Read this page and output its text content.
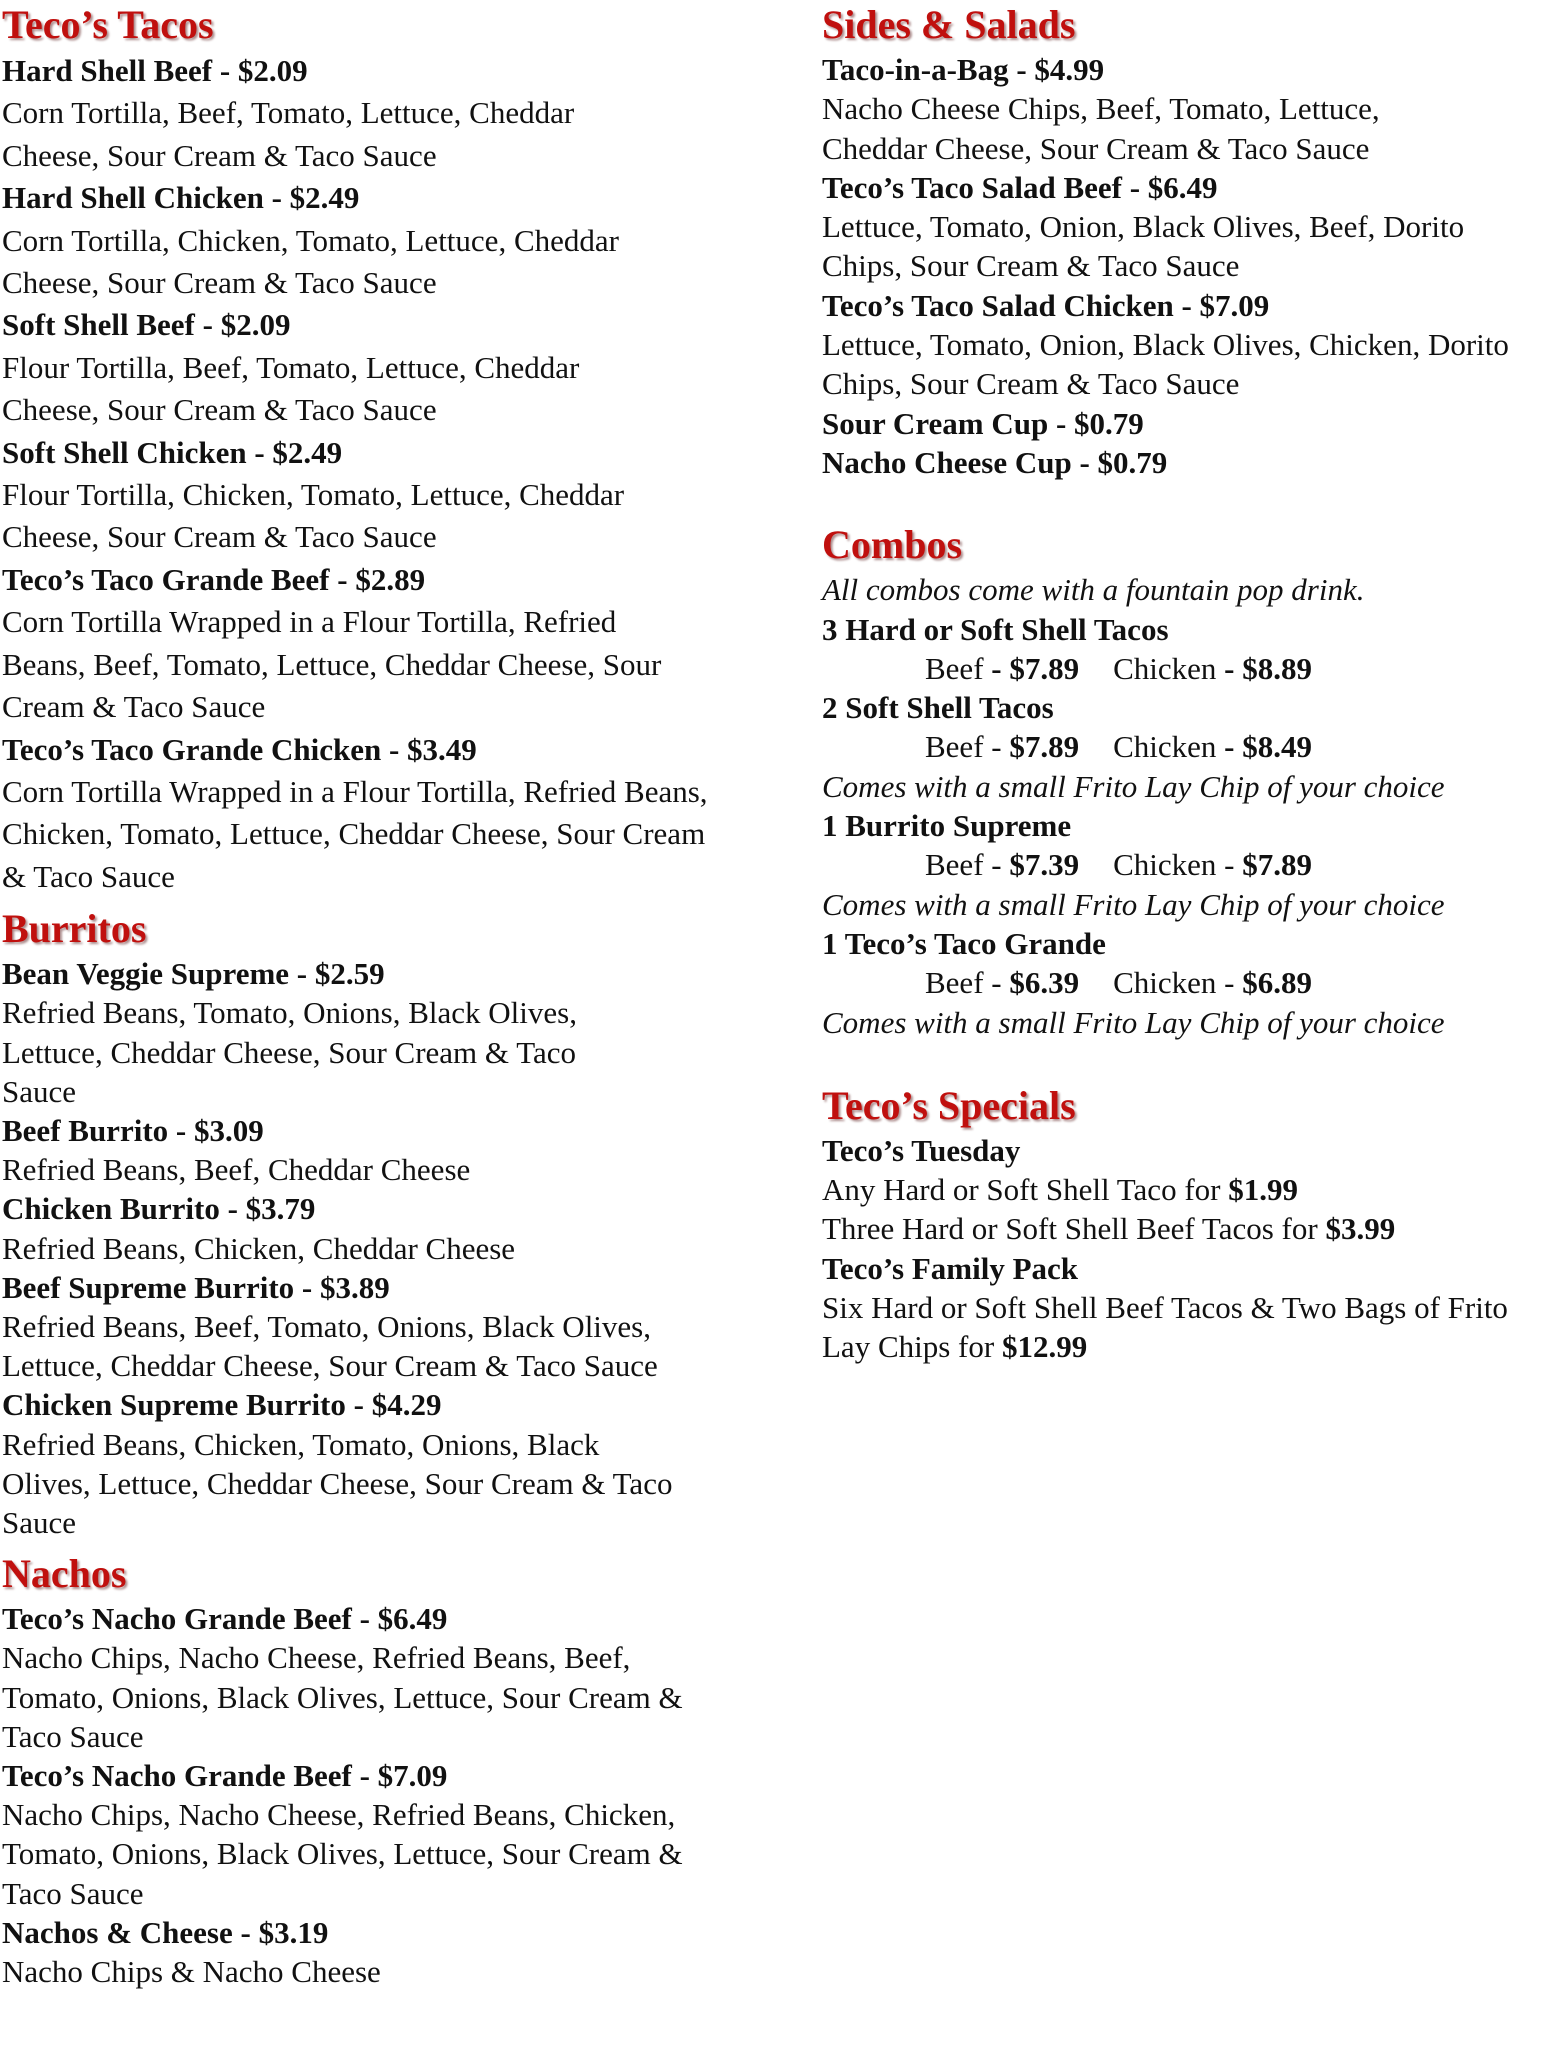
Teco’s Tacos

Hard Shell Beef - $2.09

Corn Tortilla, Beef, Tomato, Lettuce, Cheddar Cheese, Sour Cream & Taco Sauce

Hard Shell Chicken - $2.49

Corn Tortilla, Chicken, Tomato, Lettuce, Cheddar Cheese, Sour Cream & Taco Sauce

Soft Shell Beef - $2.09

Flour Tortilla, Beef, Tomato, Lettuce, Cheddar Cheese, Sour Cream & Taco Sauce

Soft Shell Chicken - $2.49

Flour Tortilla, Chicken, Tomato, Lettuce, Cheddar Cheese, Sour Cream & Taco Sauce

Teco’s Taco Grande Beef - $2.89

Corn Tortilla Wrapped in a Flour Tortilla, Refried Beans, Beef, Tomato, Lettuce, Cheddar Cheese, Sour Cream & Taco Sauce

Teco’s Taco Grande Chicken - $3.49

Corn Tortilla Wrapped in a Flour Tortilla, Refried Beans, Chicken, Tomato, Lettuce, Cheddar Cheese, Sour Cream & Taco Sauce

Burritos

Bean Veggie Supreme - $2.59

Refried Beans, Tomato, Onions, Black Olives, Lettuce, Cheddar Cheese, Sour Cream & Taco Sauce

Beef Burrito - $3.09

Refried Beans, Beef, Cheddar Cheese

Chicken Burrito - $3.79

Refried Beans, Chicken, Cheddar Cheese

Beef Supreme Burrito - $3.89

Refried Beans, Beef, Tomato, Onions, Black Olives, Lettuce, Cheddar Cheese, Sour Cream & Taco Sauce

Chicken Supreme Burrito - $4.29

Refried Beans, Chicken, Tomato, Onions, Black Olives, Lettuce, Cheddar Cheese, Sour Cream & Taco Sauce

Nachos

Teco’s Nacho Grande Beef - $6.49

Nacho Chips, Nacho Cheese, Refried Beans, Beef, Tomato, Onions, Black Olives, Lettuce, Sour Cream & Taco Sauce

Teco’s Nacho Grande Beef - $7.09

Nacho Chips, Nacho Cheese, Refried Beans, Chicken, Tomato, Onions, Black Olives, Lettuce, Sour Cream & Taco Sauce

Nachos & Cheese - $3.19

Nacho Chips & Nacho Cheese

Sides & Salads

Taco-in-a-Bag - $4.99

Nacho Cheese Chips, Beef, Tomato, Lettuce, Cheddar Cheese, Sour Cream & Taco Sauce

Teco’s Taco Salad Beef - $6.49

Lettuce, Tomato, Onion, Black Olives, Beef, Dorito Chips, Sour Cream & Taco Sauce

Teco’s Taco Salad Chicken - $7.09

Lettuce, Tomato, Onion, Black Olives, Chicken, Dorito Chips, Sour Cream & Taco Sauce

Sour Cream Cup - $0.79

Nacho Cheese Cup - $0.79

Combos

All combos come with a fountain pop drink.

3 Hard or Soft Shell Tacos

Beef - $7.89 Chicken - $8.89

2 Soft Shell Tacos

Beef - $7.89 Chicken - $8.49

Comes with a small Frito Lay Chip of your choice

1 Burrito Supreme

Beef - $7.39 Chicken - $7.89

Comes with a small Frito Lay Chip of your choice

1 Teco’s Taco Grande

Beef - $6.39 Chicken - $6.89

Comes with a small Frito Lay Chip of your choice

Teco’s Specials

Teco’s Tuesday

Any Hard or Soft Shell Taco for $1.99

Three Hard or Soft Shell Beef Tacos for $3.99

Teco’s Family Pack

Six Hard or Soft Shell Beef Tacos & Two Bags of Frito Lay Chips for $12.99
